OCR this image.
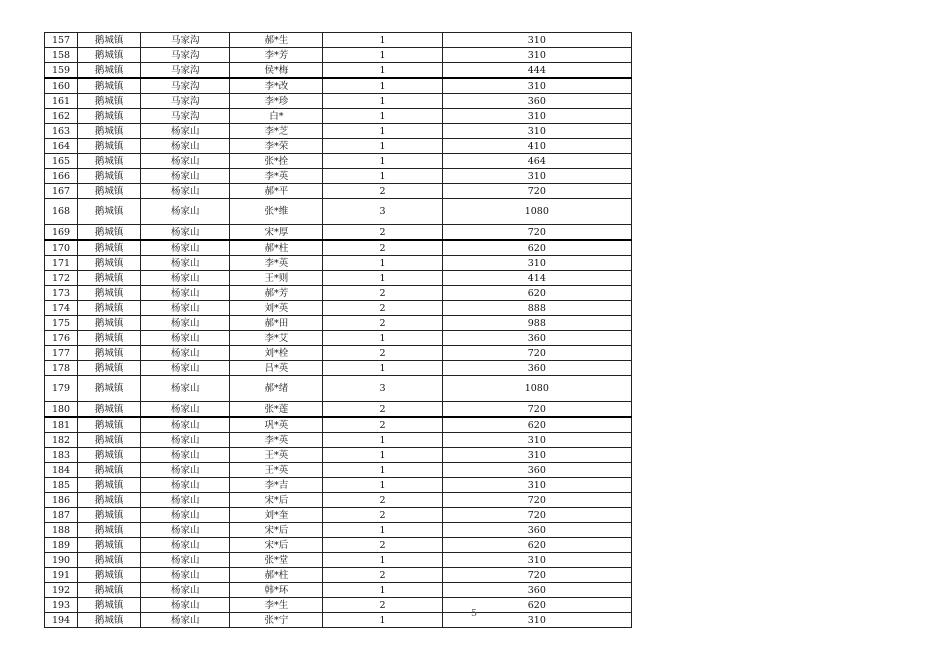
157	鹅城镇	马家沟	郝*生	1	310
158	鹅城镇	马家沟	李*芳	1	310
159	鹅城镇	马家沟	侯*梅	1	444
160	鹅城镇	马家沟	李*改	1	310
161	鹅城镇	马家沟	李*珍	1	360
162	鹅城镇	马家沟	白*	1	310
163	鹅城镇	杨家山	李*芝	1	310
164	鹅城镇	杨家山	李*荣	1	410
165	鹅城镇	杨家山	张*拴	1	464
166	鹅城镇	杨家山	李*英	1	310
167	鹅城镇	杨家山	郝*平	2	720
168	鹅城镇	杨家山	张*维	3	1080
169	鹅城镇	杨家山	宋*厚	2	720
170	鹅城镇	杨家山	郝*柱	2	620
171	鹅城镇	杨家山	李*英	1	310
172	鹅城镇	杨家山	王*则	1	414
173	鹅城镇	杨家山	郝*芳	2	620
174	鹅城镇	杨家山	刘*英	2	888
175	鹅城镇	杨家山	郝*田	2	988
176	鹅城镇	杨家山	李*艾	1	360
177	鹅城镇	杨家山	刘*栓	2	720
178	鹅城镇	杨家山	吕*英	1	360
179	鹅城镇	杨家山	郝*绪	3	1080
180	鹅城镇	杨家山	张*莲	2	720
181	鹅城镇	杨家山	巩*英	2	620
182	鹅城镇	杨家山	李*英	1	310
183	鹅城镇	杨家山	王*英	1	310
184	鹅城镇	杨家山	王*英	1	360
185	鹅城镇	杨家山	李*吉	1	310
186	鹅城镇	杨家山	宋*后	2	720
187	鹅城镇	杨家山	刘*奎	2	720
188	鹅城镇	杨家山	宋*后	1	360
189	鹅城镇	杨家山	宋*后	2	620
190	鹅城镇	杨家山	张*堂	1	310
191	鹅城镇	杨家山	郝*柱	2	720
192	鹅城镇	杨家山	韩*环	1	360
193	鹅城镇	杨家山	李*生	2	620
194	鹅城镇	杨家山	张*宁	1	310
5
